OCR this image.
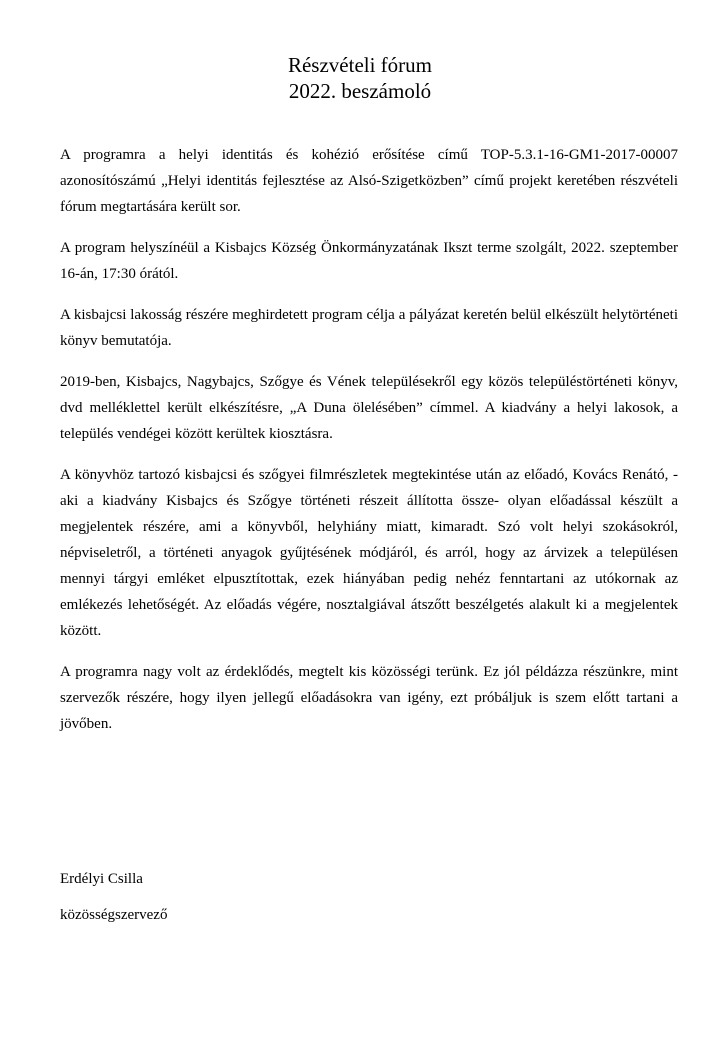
Részvételi fórum
2022. beszámoló

A programra a helyi identitás és kohézió erősítése című TOP-5.3.1-16-GM1-2017-00007 azonosítószámú „Helyi identitás fejlesztése az Alsó-Szigetközben” című projekt keretében részvételi fórum megtartására került sor.

A program helyszínéül a Kisbajcs Község Önkormányzatának Ikszt terme szolgált, 2022. szeptember 16-án, 17:30 órától.

A kisbajcsi lakosság részére meghirdetett program célja a pályázat keretén belül elkészült helytörténeti könyv bemutatója.

2019-ben, Kisbajcs, Nagybajcs, Szőgye és Vének településekről egy közös településtörténeti könyv, dvd melléklettel került elkészítésre, „A Duna ölelésében” címmel. A kiadvány a helyi lakosok, a település vendégei között kerültek kiosztásra.

A könyvhöz tartozó kisbajcsi és szőgyei filmrészletek megtekintése után az előadó, Kovács Renátó, -aki a kiadvány Kisbajcs és Szőgye történeti részeit állította össze- olyan előadással készült a megjelentek részére, ami a könyvből, helyhiány miatt, kimaradt. Szó volt helyi szokásokról, népviseletről, a történeti anyagok gyűjtésének módjáról, és arról, hogy az árvizek a településen mennyi tárgyi emléket elpusztítottak, ezek hiányában pedig nehéz fenntartani az utókornak az emlékezés lehetőségét. Az előadás végére, nosztalgiával átszőtt beszélgetés alakult ki a megjelentek között.

A programra nagy volt az érdeklődés, megtelt kis közösségi terünk. Ez jól példázza részünkre, mint szervezők részére, hogy ilyen jellegű előadásokra van igény, ezt próbáljuk is szem előtt tartani a jövőben.

Erdélyi Csilla

közösségszervező
